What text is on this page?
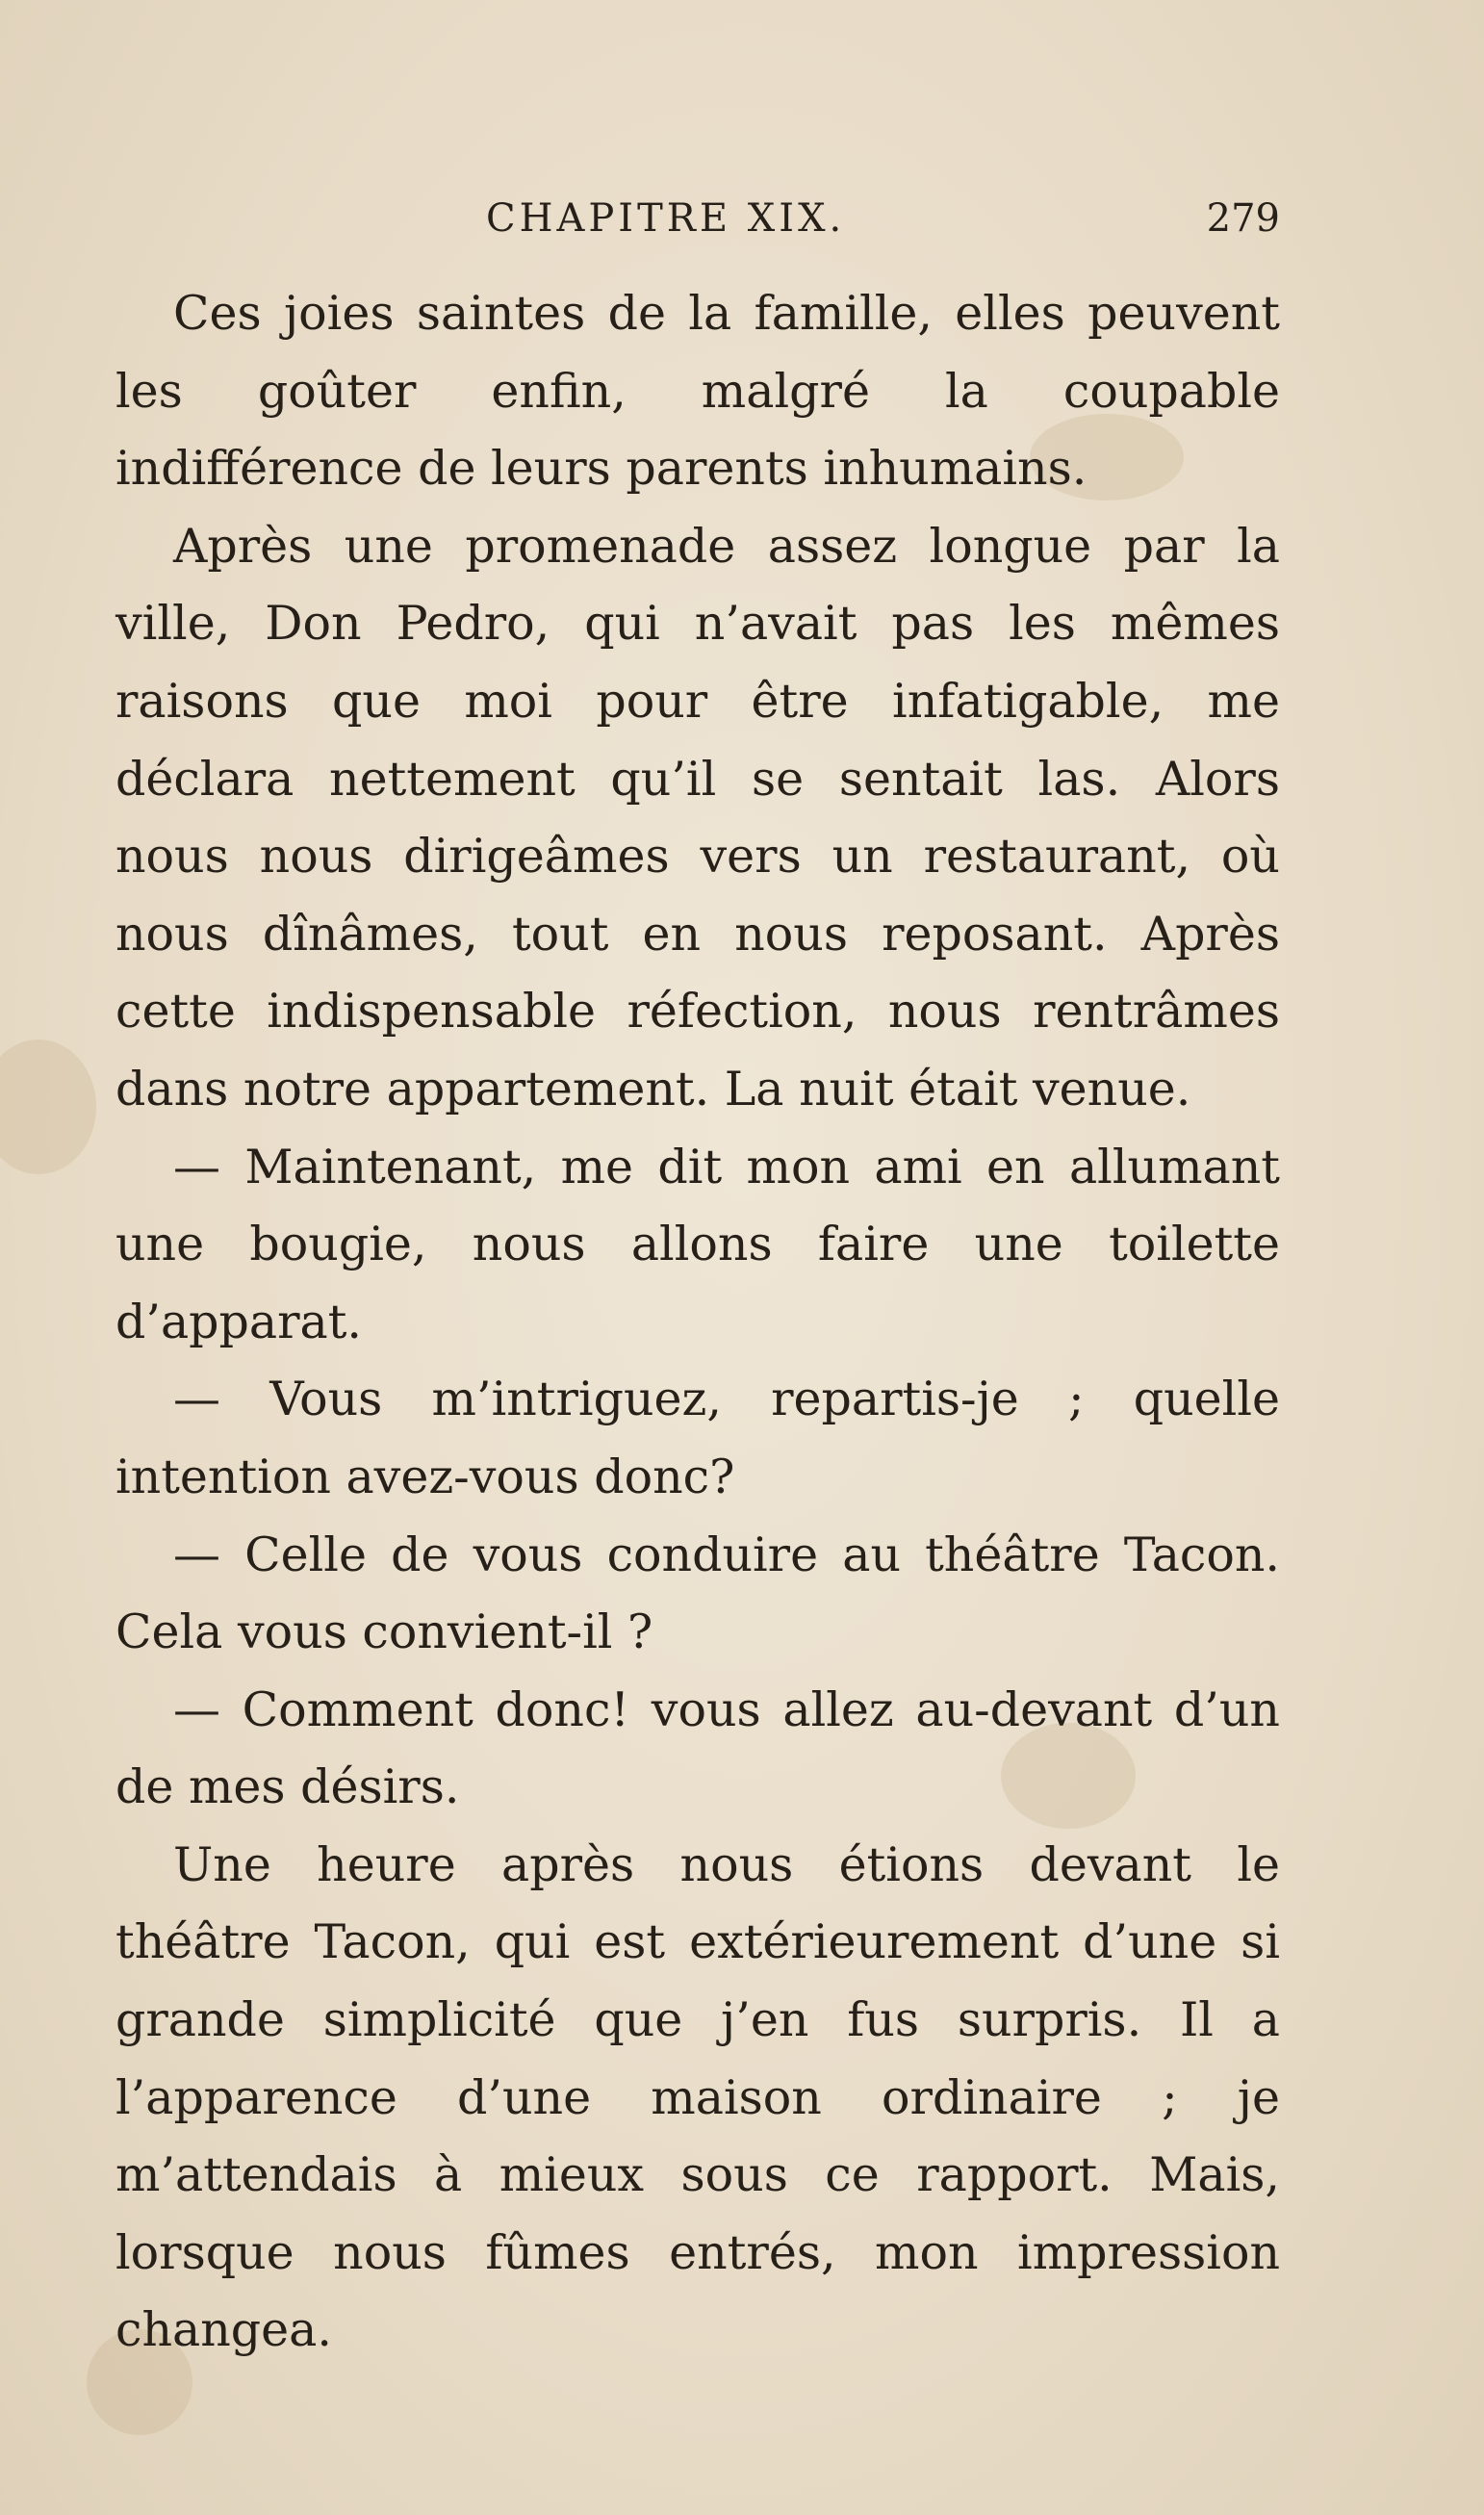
CHAPITRE XIX.	279

Ces joies saintes de la famille, elles peuvent les goûter enfin, malgré la coupable indifférence de leurs parents inhumains.

Après une promenade assez longue par la ville, Don Pedro, qui n’avait pas les mêmes raisons que moi pour être infatigable, me déclara nettement qu’il se sentait las. Alors nous nous dirigeâmes vers un restaurant, où nous dînâmes, tout en nous reposant. Après cette indispensable réfection, nous rentrâmes dans notre appartement. La nuit était venue.

— Maintenant, me dit mon ami en allumant une bougie, nous allons faire une toilette d’apparat.

— Vous m’intriguez, repartis-je ; quelle intention avez-vous donc?

— Celle de vous conduire au théâtre Tacon. Cela vous convient-il ?

— Comment donc! vous allez au-devant d’un de mes désirs.

Une heure après nous étions devant le théâtre Tacon, qui est extérieurement d’une si grande simplicité que j’en fus surpris. Il a l’apparence d’une maison ordinaire ; je m’attendais à mieux sous ce rapport. Mais, lorsque nous fûmes entrés, mon impression changea.
